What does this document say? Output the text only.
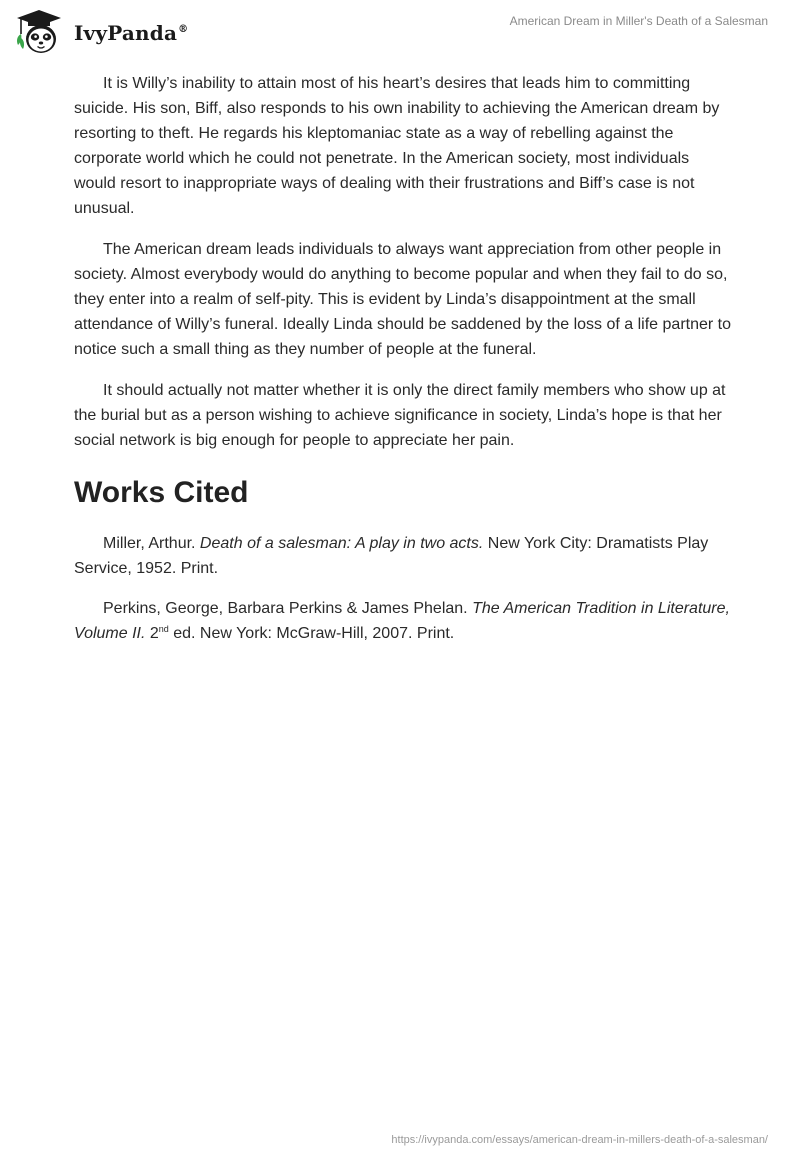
IvyPanda®
American Dream in Miller's Death of a Salesman

It is Willy’s inability to attain most of his heart’s desires that leads him to committing suicide. His son, Biff, also responds to his own inability to achieving the American dream by resorting to theft. He regards his kleptomaniac state as a way of rebelling against the corporate world which he could not penetrate. In the American society, most individuals would resort to inappropriate ways of dealing with their frustrations and Biff’s case is not unusual.

The American dream leads individuals to always want appreciation from other people in society. Almost everybody would do anything to become popular and when they fail to do so, they enter into a realm of self-pity. This is evident by Linda’s disappointment at the small attendance of Willy’s funeral. Ideally Linda should be saddened by the loss of a life partner to notice such a small thing as they number of people at the funeral.

It should actually not matter whether it is only the direct family members who show up at the burial but as a person wishing to achieve significance in society, Linda’s hope is that her social network is big enough for people to appreciate her pain.

Works Cited

Miller, Arthur. Death of a salesman: A play in two acts. New York City: Dramatists Play Service, 1952. Print.

Perkins, George, Barbara Perkins & James Phelan. The American Tradition in Literature, Volume II. 2nd ed. New York: McGraw-Hill, 2007. Print.

https://ivypanda.com/essays/american-dream-in-millers-death-of-a-salesman/
